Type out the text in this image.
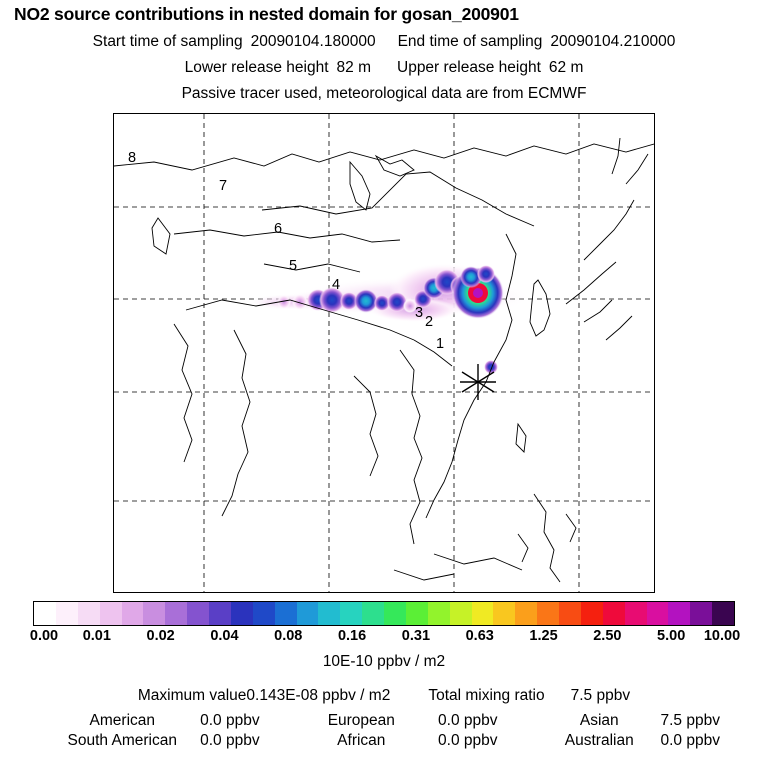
NO2 source contributions in nested domain for gosan_200901
Start time of sampling 20090104.180000 End time of sampling 20090104.210000
Lower release height 82 m Upper release height 62 m
Passive tracer used, meteorological data are from ECMWF
8
7
6
5
4
3
2
1
0.00 0.01 0.02 0.04 0.08 0.16 0.31 0.63 1.25 2.50 5.00 10.00
10E-10 ppbv / m2
Maximum value0.143E-08 ppbv / m2 Total mixing ratio 7.5 ppbv
American	0.0 ppbv		European	0.0 ppbv		Asian	7.5 ppbv
South American	0.0 ppbv		African	0.0 ppbv		Australian	0.0 ppbv
